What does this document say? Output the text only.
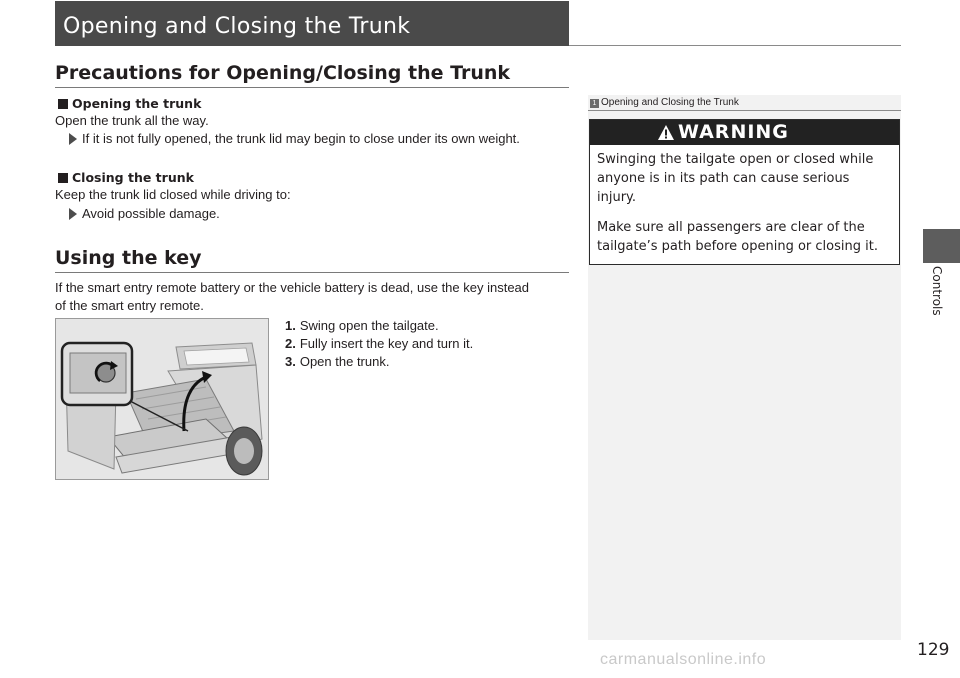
Opening and Closing the Trunk
Controls
Precautions for Opening/Closing the Trunk
Opening the trunk
Open the trunk all the way.
If it is not fully opened, the trunk lid may begin to close under its own weight.
Closing the trunk
Keep the trunk lid closed while driving to:
Avoid possible damage.
Using the key
If the smart entry remote battery or the vehicle battery is dead, use the key instead
of the smart entry remote.
1. Swing open the tailgate.
2. Fully insert the key and turn it.
3. Open the trunk.
1 Opening and Closing the Trunk
WARNING
Swinging the tailgate open or closed while
anyone is in its path can cause serious
injury.
Make sure all passengers are clear of the
tailgate’s path before opening or closing it.
129
carmanualsonline.info
